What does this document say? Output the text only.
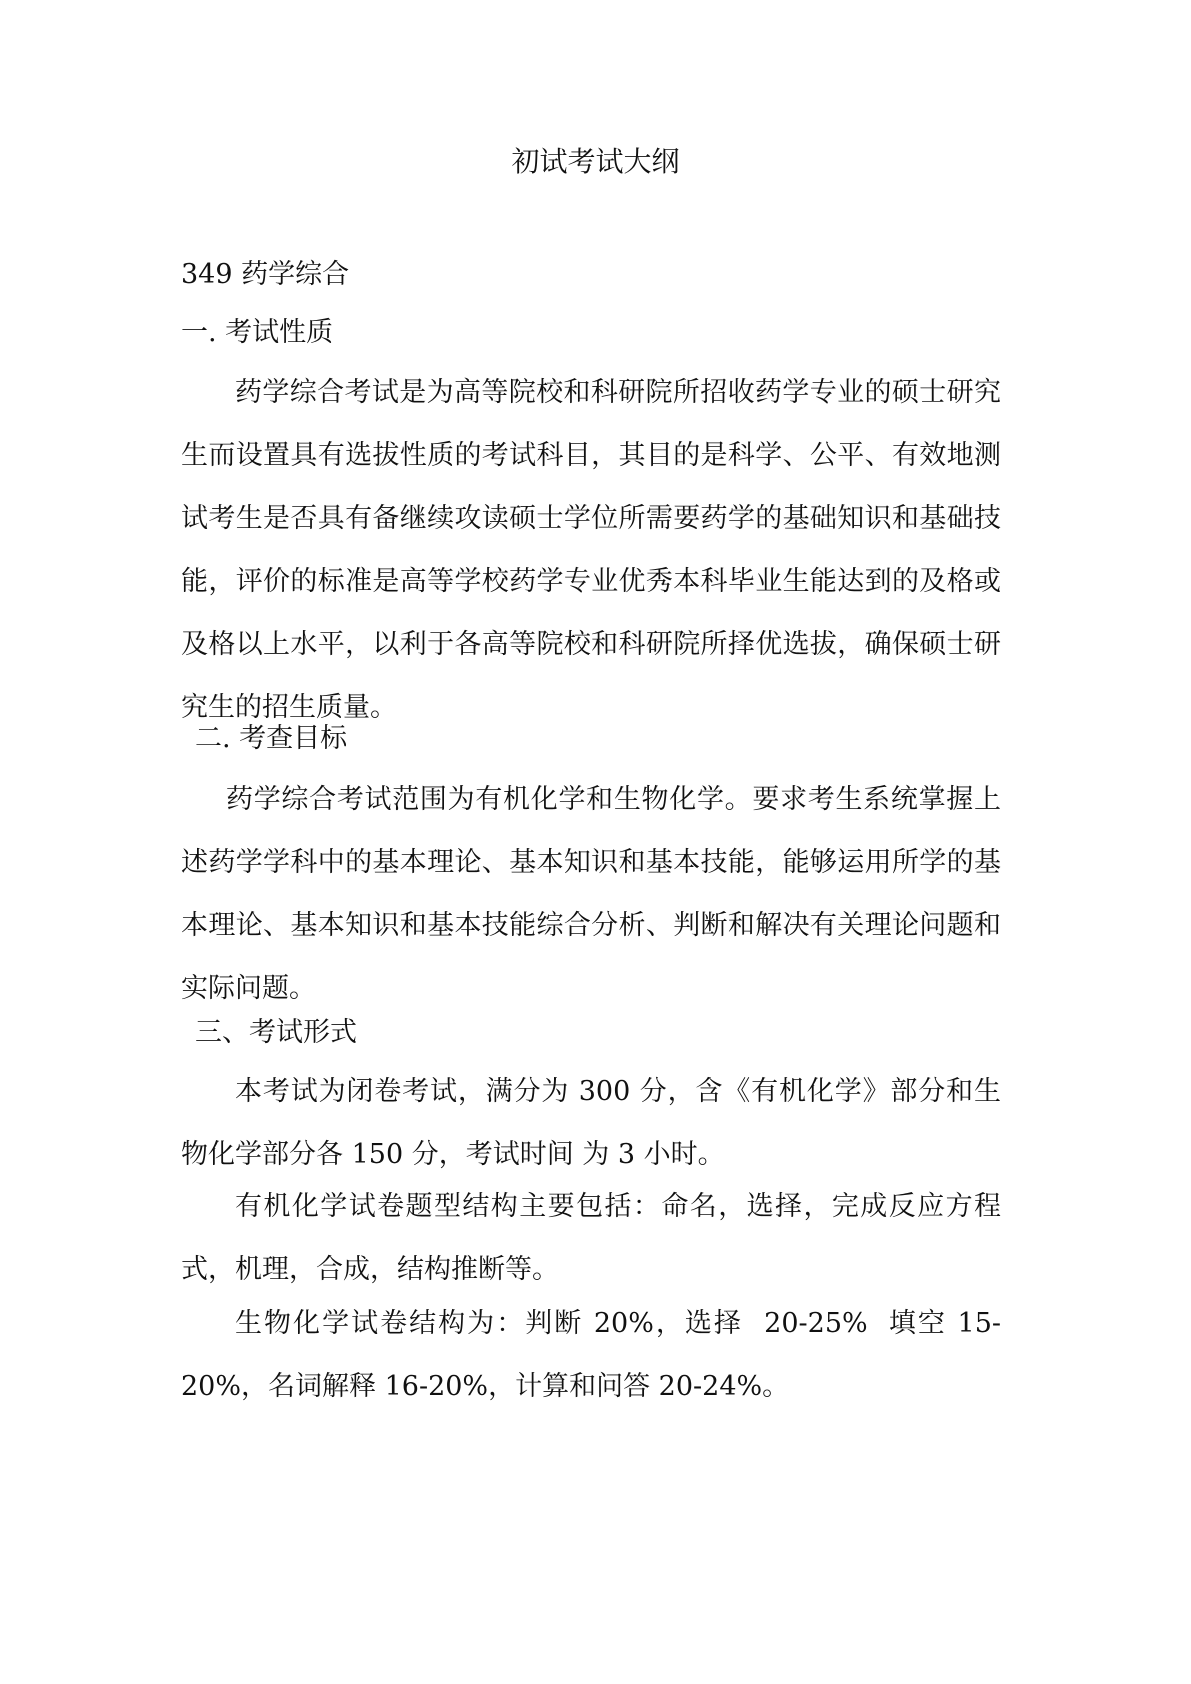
初试考试大纲
349 药学综合
一. 考试性质
药学综合考试是为高等院校和科研院所招收药学专业的硕士研究生而设置具有选拔性质的考试科目，其目的是科学、公平、有效地测试考生是否具有备继续攻读硕士学位所需要药学的基础知识和基础技能，评价的标准是高等学校药学专业优秀本科毕业生能达到的及格或及格以上水平，以利于各高等院校和科研院所择优选拔，确保硕士研究生的招生质量。
二. 考查目标
药学综合考试范围为有机化学和生物化学。要求考生系统掌握上述药学学科中的基本理论、基本知识和基本技能，能够运用所学的基本理论、基本知识和基本技能综合分析、判断和解决有关理论问题和实际问题。
三、考试形式
本考试为闭卷考试，满分为 300 分，含《有机化学》部分和生物化学部分各 150 分，考试时间 为 3 小时。
有机化学试卷题型结构主要包括：命名，选择，完成反应方程式，机理，合成，结构推断等。
生物化学试卷结构为：判断 20%，选择  20-25%  填空 15-20%，名词解释 16-20%，计算和问答 20-24%。
